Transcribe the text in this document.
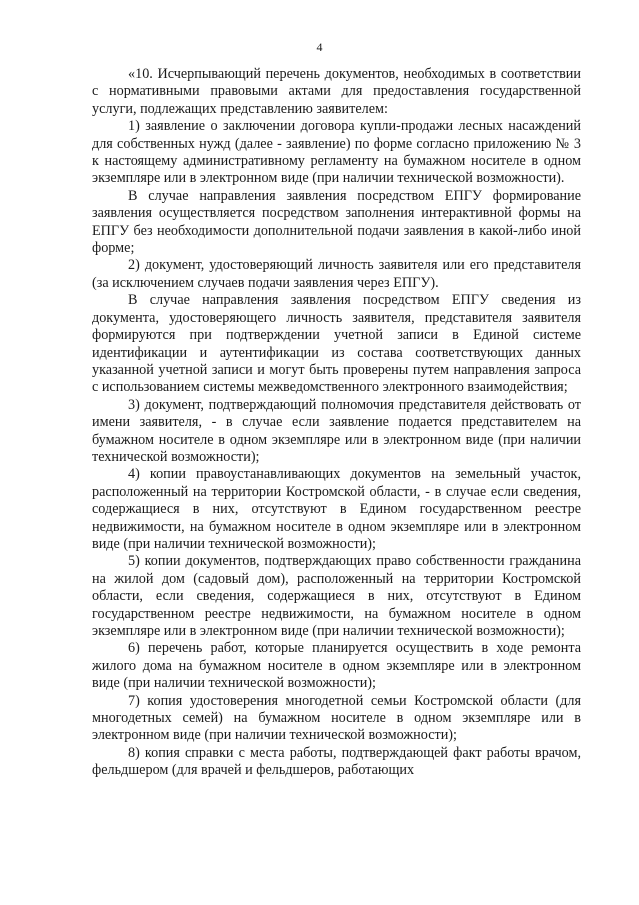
4

«10. Исчерпывающий перечень документов, необходимых в соответствии с нормативными правовыми актами для предоставления государственной услуги, подлежащих представлению заявителем:

1) заявление о заключении договора купли-продажи лесных насаждений для собственных нужд (далее - заявление) по форме согласно приложению № 3 к настоящему административному регламенту на бумажном носителе в одном экземпляре или в электронном виде (при наличии технической возможности).

В случае направления заявления посредством ЕПГУ формирование заявления осуществляется посредством заполнения интерактивной формы на ЕПГУ без необходимости дополнительной подачи заявления в какой-либо иной форме;

2) документ, удостоверяющий личность заявителя или его представителя (за исключением случаев подачи заявления через ЕПГУ).

В случае направления заявления посредством ЕПГУ сведения из документа, удостоверяющего личность заявителя, представителя заявителя формируются при подтверждении учетной записи в Единой системе идентификации и аутентификации из состава соответствующих данных указанной учетной записи и могут быть проверены путем направления запроса с использованием системы межведомственного электронного взаимодействия;

3) документ, подтверждающий полномочия представителя действовать от имени заявителя, - в случае если заявление подается представителем на бумажном носителе в одном экземпляре или в электронном виде (при наличии технической возможности);

4) копии правоустанавливающих документов на земельный участок, расположенный на территории Костромской области, - в случае если сведения, содержащиеся в них, отсутствуют в Едином государственном реестре недвижимости, на бумажном носителе в одном экземпляре или в электронном виде (при наличии технической возможности);

5) копии документов, подтверждающих право собственности гражданина на жилой дом (садовый дом), расположенный на территории Костромской области, если сведения, содержащиеся в них, отсутствуют в Едином государственном реестре недвижимости, на бумажном носителе в одном экземпляре или в электронном виде (при наличии технической возможности);

6) перечень работ, которые планируется осуществить в ходе ремонта жилого дома на бумажном носителе в одном экземпляре или в электронном виде (при наличии технической возможности);

7) копия удостоверения многодетной семьи Костромской области (для многодетных семей) на бумажном носителе в одном экземпляре или в электронном виде (при наличии технической возможности);

8) копия справки с места работы, подтверждающей факт работы врачом, фельдшером (для врачей и фельдшеров, работающих
